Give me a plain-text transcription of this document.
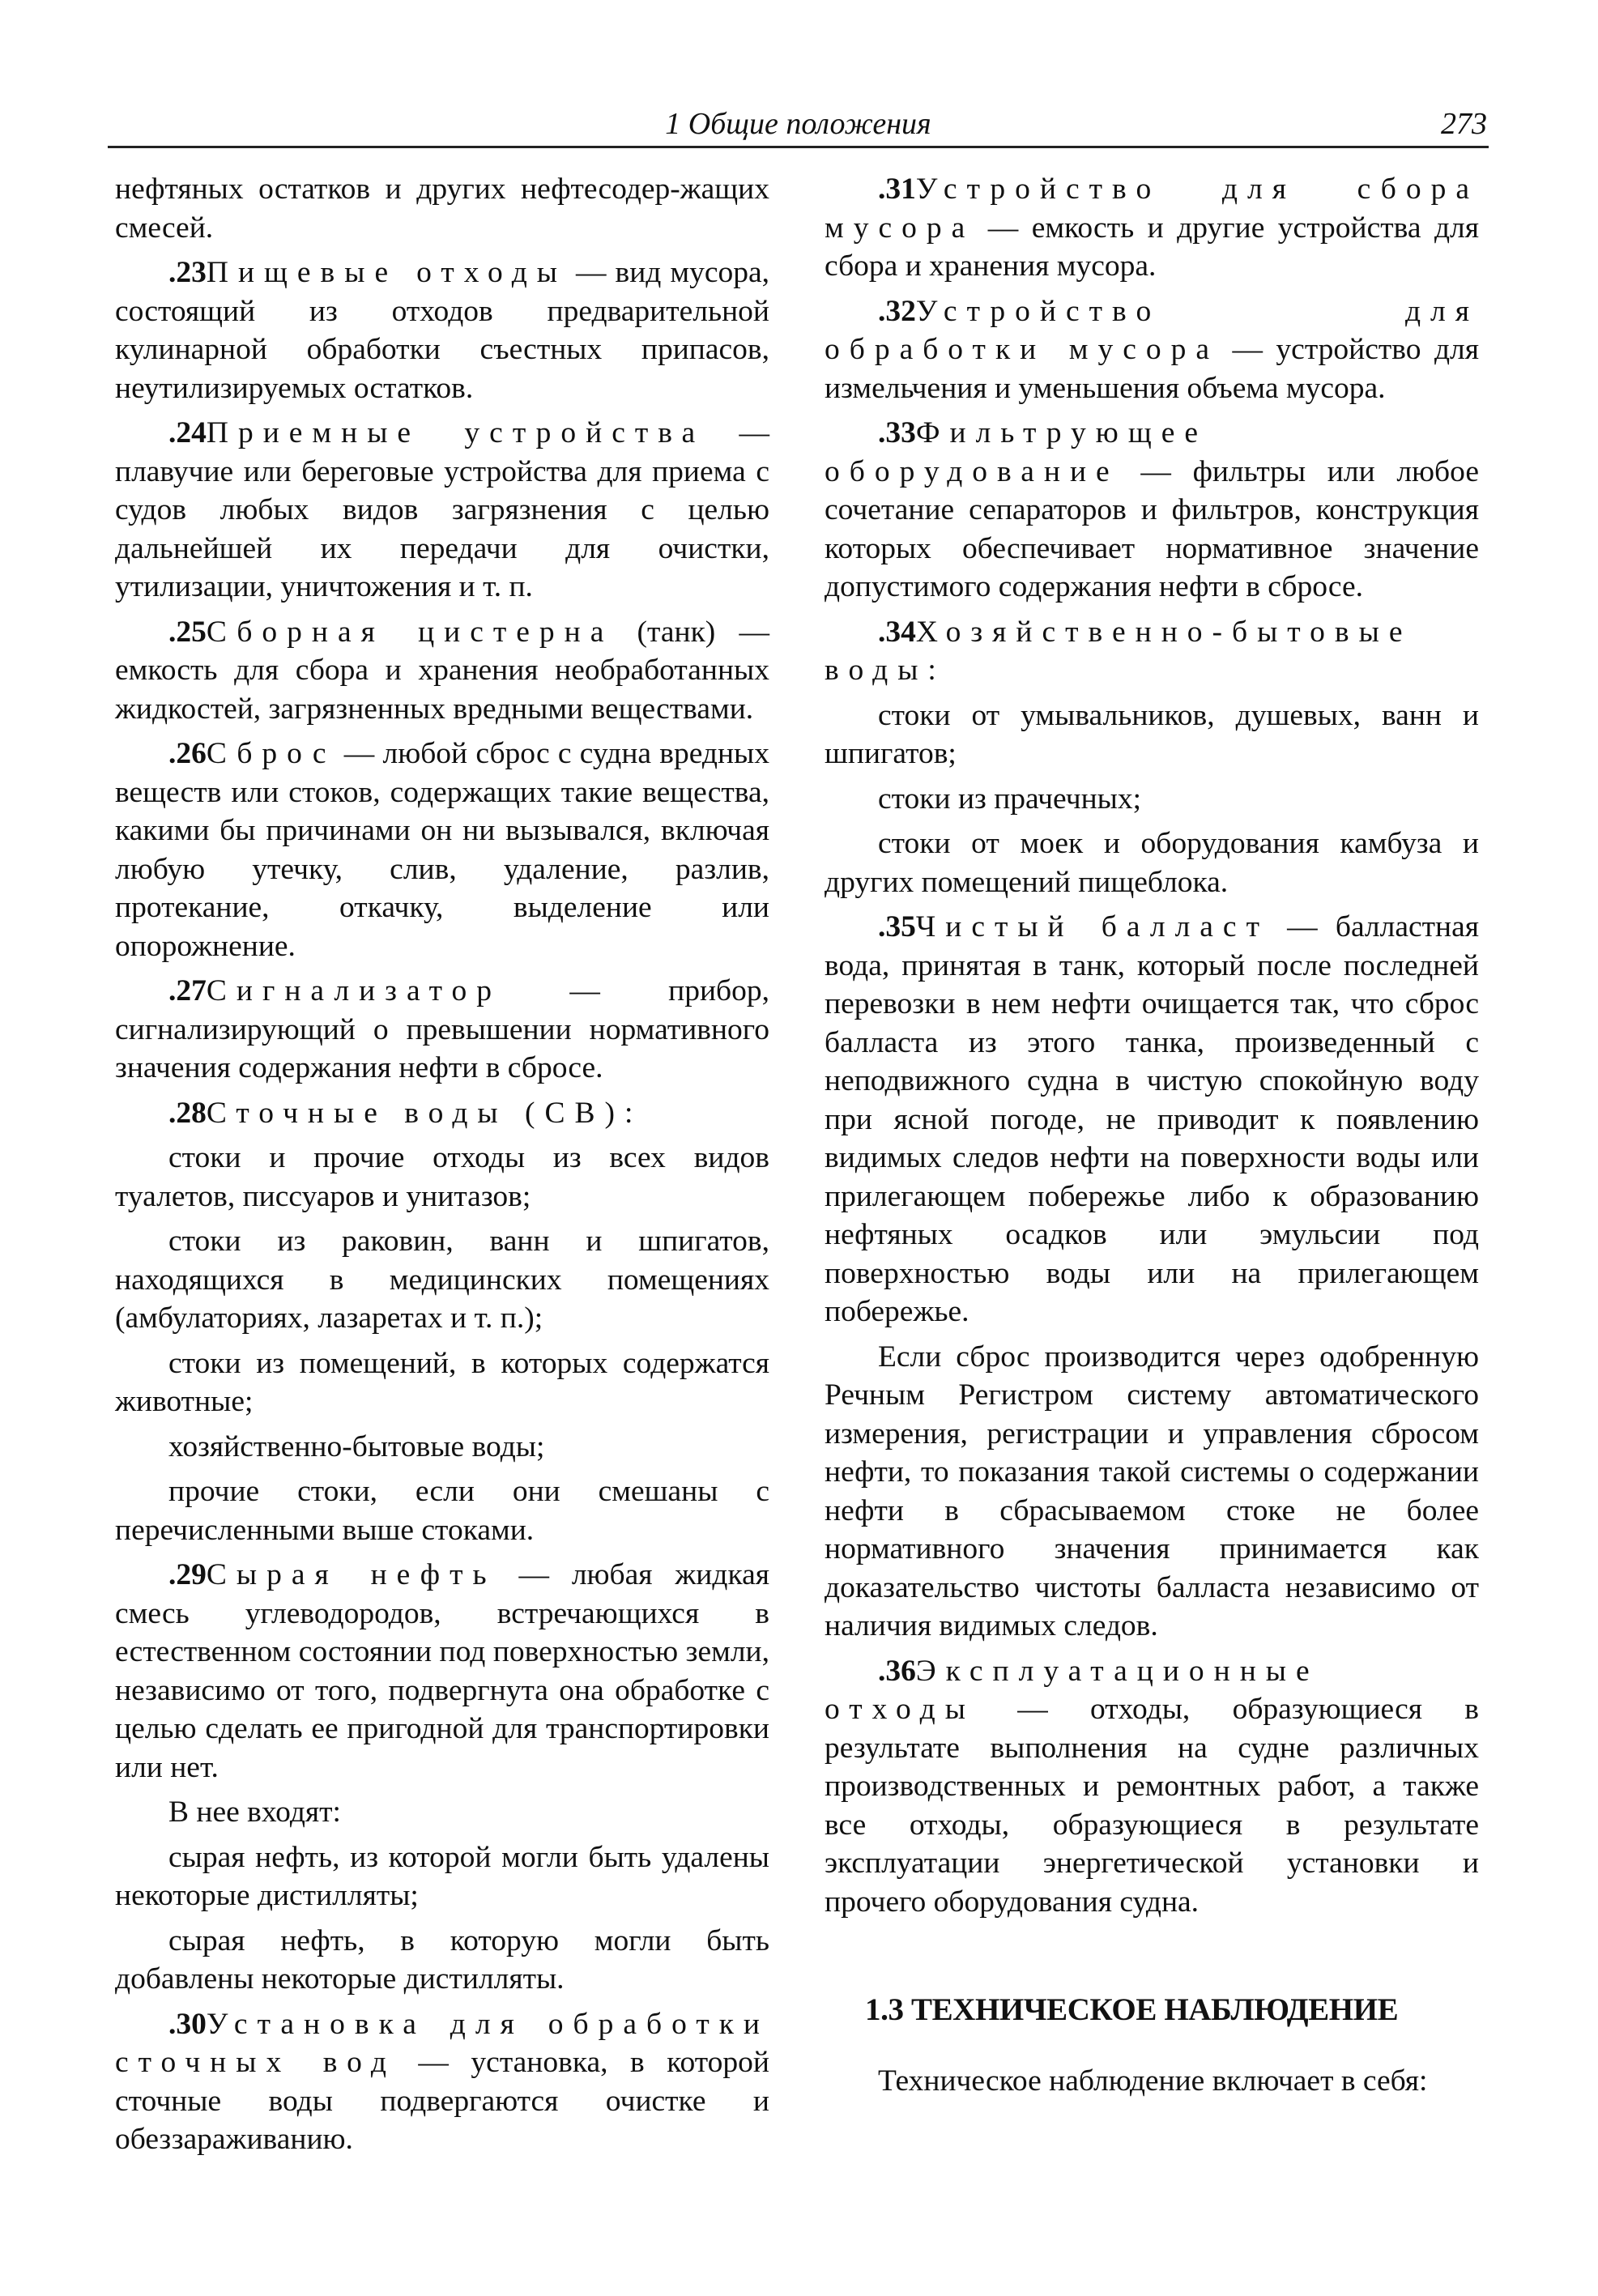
1 Общие положения	273

нефтяных остатков и других нефтесодер-жащих смесей.

.23Пищевые отходы — вид мусора, состоящий из отходов предварительной кулинарной обработки съестных припасов, неутилизируемых остатков.

.24Приемные устройства — плавучие или береговые устройства для приема с судов любых видов загрязнения с целью дальнейшей их передачи для очистки, утилизации, уничтожения и т. п.

.25Сборная цистерна (танк) — емкость для сбора и хранения необработанных жидкостей, загрязненных вредными веществами.

.26Сброс — любой сброс с судна вредных веществ или стоков, содержащих такие вещества, какими бы причинами он ни вызывался, включая любую утечку, слив, удаление, разлив, протекание, откачку, выделение или опорожнение.

.27Сигнализатор — прибор, сигнализирующий о превышении нормативного значения содержания нефти в сбросе.

.28Сточные воды (СВ):

стоки и прочие отходы из всех видов туалетов, писсуаров и унитазов;

стоки из раковин, ванн и шпигатов, находящихся в медицинских помещениях (амбулаториях, лазаретах и т. п.);

стоки из помещений, в которых содержатся животные;

хозяйственно-бытовые воды;

прочие стоки, если они смешаны с перечисленными выше стоками.

.29Сырая нефть — любая жидкая смесь углеводородов, встречающихся в естественном состоянии под поверхностью земли, независимо от того, подвергнута она обработке с целью сделать ее пригодной для транспортировки или нет.

В нее входят:

сырая нефть, из которой могли быть удалены некоторые дистилляты;

сырая нефть, в которую могли быть добавлены некоторые дистилляты.

.30Установка для обработки сточных вод — установка, в которой сточные воды подвергаются очистке и обеззараживанию.

.31Устройство для сбора мусора — емкость и другие устройства для сбора и хранения мусора.

.32Устройство для обработки мусора — устройство для измельчения и уменьшения объема мусора.

.33Фильтрующее оборудование — фильтры или любое сочетание сепараторов и фильтров, конструкция которых обеспечивает нормативное значение допустимого содержания нефти в сбросе.

.34Хозяйственно-бытовые воды:

стоки от умывальников, душевых, ванн и шпигатов;

стоки из прачечных;

стоки от моек и оборудования камбуза и других помещений пищеблока.

.35Чистый балласт — балластная вода, принятая в танк, который после последней перевозки в нем нефти очищается так, что сброс балласта из этого танка, произведенный с неподвижного судна в чистую спокойную воду при ясной погоде, не приводит к появлению видимых следов нефти на поверхности воды или прилегающем побережье либо к образованию нефтяных осадков или эмульсии под поверхностью воды или на прилегающем побережье.

Если сброс производится через одобренную Речным Регистром систему автоматического измерения, регистрации и управления сбросом нефти, то показания такой системы о содержании нефти в сбрасываемом стоке не более нормативного значения принимается как доказательство чистоты балласта независимо от наличия видимых следов.

.36Эксплуатационные отходы — отходы, образующиеся в результате выполнения на судне различных производственных и ремонтных работ, а также все отходы, образующиеся в результате эксплуатации энергетической установки и прочего оборудования судна.

1.3 ТЕХНИЧЕСКОЕ НАБЛЮДЕНИЕ

Техническое наблюдение включает в себя:
